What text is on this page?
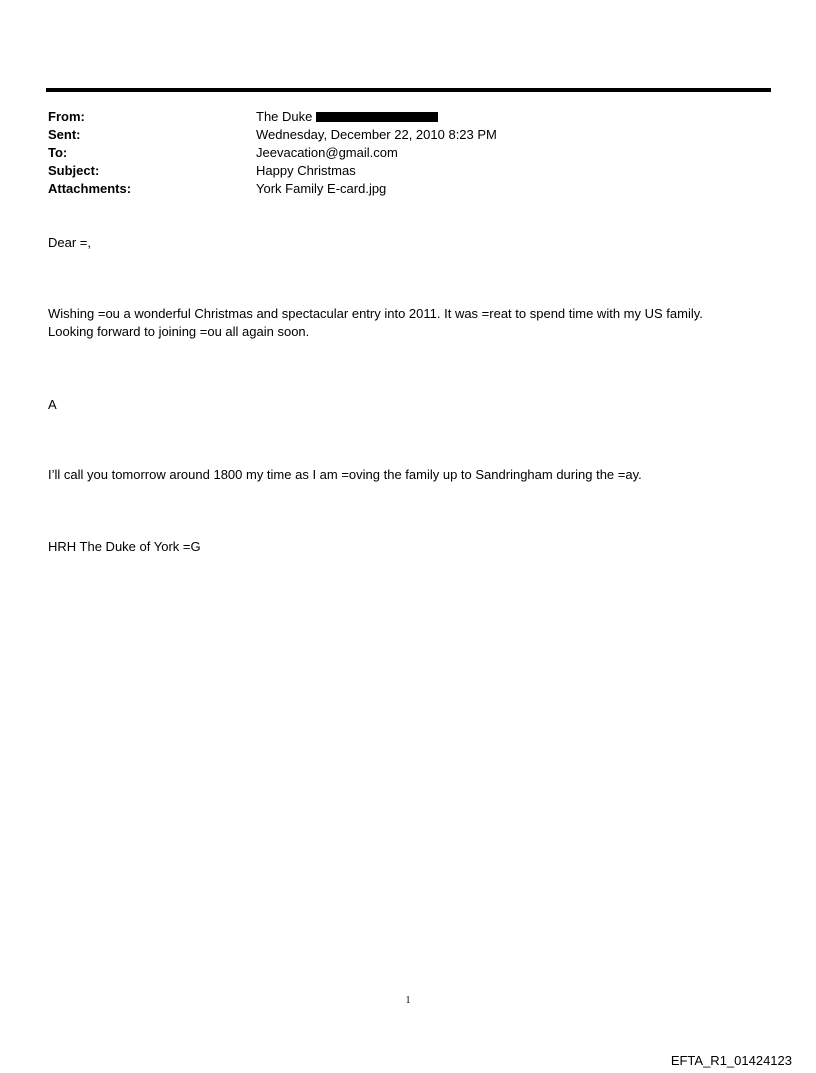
From:	The Duke
Sent:	Wednesday, December 22, 2010 8:23 PM
To:	Jeevacation@gmail.com
Subject:	Happy Christmas
Attachments:	York Family E-card.jpg
Dear =,
Wishing =ou a wonderful Christmas and spectacular entry into 2011. It was =reat to spend time with my US family.
Looking forward to joining =ou all again soon.
A
I’ll call you tomorrow around 1800 my time as I am =oving the family up to Sandringham during the =ay.
HRH The Duke of York =G
1
EFTA_R1_01424123
